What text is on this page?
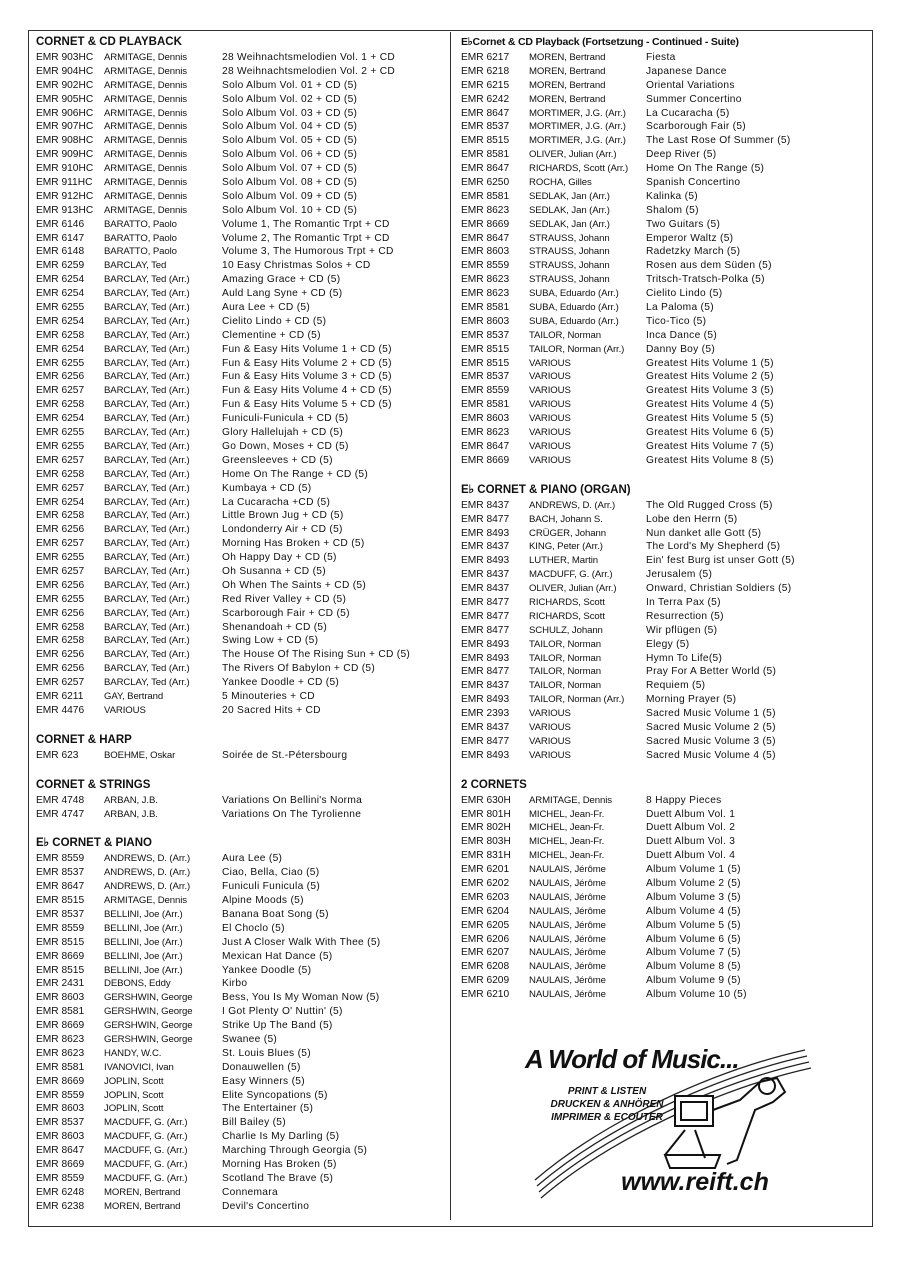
CORNET & CD PLAYBACK
EMR 903HC	ARMITAGE, Dennis	28 Weihnachtsmelodien Vol. 1 + CD
EMR 904HC	ARMITAGE, Dennis	28 Weihnachtsmelodien Vol. 2 + CD
EMR 902HC	ARMITAGE, Dennis	Solo Album Vol. 01 + CD (5)
EMR 905HC	ARMITAGE, Dennis	Solo Album Vol. 02 + CD (5)
EMR 906HC	ARMITAGE, Dennis	Solo Album Vol. 03 + CD (5)
EMR 907HC	ARMITAGE, Dennis	Solo Album Vol. 04 + CD (5)
EMR 908HC	ARMITAGE, Dennis	Solo Album Vol. 05 + CD (5)
EMR 909HC	ARMITAGE, Dennis	Solo Album Vol. 06 + CD (5)
EMR 910HC	ARMITAGE, Dennis	Solo Album Vol. 07 + CD (5)
EMR 911HC	ARMITAGE, Dennis	Solo Album Vol. 08 + CD (5)
EMR 912HC	ARMITAGE, Dennis	Solo Album Vol. 09 + CD (5)
EMR 913HC	ARMITAGE, Dennis	Solo Album Vol. 10 + CD (5)
EMR 6146	BARATTO, Paolo	Volume 1, The Romantic Trpt + CD
EMR 6147	BARATTO, Paolo	Volume 2, The Romantic Trpt + CD
EMR 6148	BARATTO, Paolo	Volume 3, The Humorous Trpt + CD
EMR 6259	BARCLAY, Ted	10 Easy Christmas Solos + CD
EMR 6254	BARCLAY, Ted (Arr.)	Amazing Grace + CD (5)
EMR 6254	BARCLAY, Ted (Arr.)	Auld Lang Syne + CD (5)
EMR 6255	BARCLAY, Ted (Arr.)	Aura Lee + CD (5)
EMR 6254	BARCLAY, Ted (Arr.)	Cielito Lindo + CD (5)
EMR 6258	BARCLAY, Ted (Arr.)	Clementine + CD (5)
EMR 6254	BARCLAY, Ted (Arr.)	Fun & Easy Hits Volume 1 + CD (5)
EMR 6255	BARCLAY, Ted (Arr.)	Fun & Easy Hits Volume 2 + CD (5)
EMR 6256	BARCLAY, Ted (Arr.)	Fun & Easy Hits Volume 3 + CD (5)
EMR 6257	BARCLAY, Ted (Arr.)	Fun & Easy Hits Volume 4 + CD (5)
EMR 6258	BARCLAY, Ted (Arr.)	Fun & Easy Hits Volume 5 + CD (5)
EMR 6254	BARCLAY, Ted (Arr.)	Funiculi-Funicula + CD (5)
EMR 6255	BARCLAY, Ted (Arr.)	Glory Hallelujah + CD (5)
EMR 6255	BARCLAY, Ted (Arr.)	Go Down, Moses + CD (5)
EMR 6257	BARCLAY, Ted (Arr.)	Greensleeves + CD (5)
EMR 6258	BARCLAY, Ted (Arr.)	Home On The Range + CD (5)
EMR 6257	BARCLAY, Ted (Arr.)	Kumbaya + CD (5)
EMR 6254	BARCLAY, Ted (Arr.)	La Cucaracha +CD (5)
EMR 6258	BARCLAY, Ted (Arr.)	Little Brown Jug + CD (5)
EMR 6256	BARCLAY, Ted (Arr.)	Londonderry Air + CD (5)
EMR 6257	BARCLAY, Ted (Arr.)	Morning Has Broken + CD (5)
EMR 6255	BARCLAY, Ted (Arr.)	Oh Happy Day + CD (5)
EMR 6257	BARCLAY, Ted (Arr.)	Oh Susanna + CD (5)
EMR 6256	BARCLAY, Ted (Arr.)	Oh When The Saints + CD (5)
EMR 6255	BARCLAY, Ted (Arr.)	Red River Valley + CD (5)
EMR 6256	BARCLAY, Ted (Arr.)	Scarborough Fair + CD (5)
EMR 6258	BARCLAY, Ted (Arr.)	Shenandoah + CD (5)
EMR 6258	BARCLAY, Ted (Arr.)	Swing Low + CD (5)
EMR 6256	BARCLAY, Ted (Arr.)	The House Of The Rising Sun + CD (5)
EMR 6256	BARCLAY, Ted (Arr.)	The Rivers Of Babylon + CD (5)
EMR 6257	BARCLAY, Ted (Arr.)	Yankee Doodle + CD (5)
EMR 6211	GAY, Bertrand	5 Minouteries + CD
EMR 4476	VARIOUS	20 Sacred Hits + CD
CORNET & HARP
EMR 623	BOEHME, Oskar	Soirée de St.-Pétersbourg
CORNET & STRINGS
EMR 4748	ARBAN, J.B.	Variations On Bellini's Norma
EMR 4747	ARBAN, J.B.	Variations On The Tyrolienne
E♭ CORNET & PIANO
EMR 8559	ANDREWS, D. (Arr.)	Aura Lee (5)
EMR 8537	ANDREWS, D. (Arr.)	Ciao, Bella, Ciao (5)
EMR 8647	ANDREWS, D. (Arr.)	Funiculi Funicula (5)
EMR 8515	ARMITAGE, Dennis	Alpine Moods (5)
EMR 8537	BELLINI, Joe (Arr.)	Banana Boat Song (5)
EMR 8559	BELLINI, Joe (Arr.)	El Choclo (5)
EMR 8515	BELLINI, Joe (Arr.)	Just A Closer Walk With Thee (5)
EMR 8669	BELLINI, Joe (Arr.)	Mexican Hat Dance (5)
EMR 8515	BELLINI, Joe (Arr.)	Yankee Doodle (5)
EMR 2431	DEBONS, Eddy	Kirbo
EMR 8603	GERSHWIN, George	Bess, You Is My Woman Now (5)
EMR 8581	GERSHWIN, George	I Got Plenty O' Nuttin' (5)
EMR 8669	GERSHWIN, George	Strike Up The Band (5)
EMR 8623	GERSHWIN, George	Swanee (5)
EMR 8623	HANDY, W.C.	St. Louis Blues (5)
EMR 8581	IVANOVICI, Ivan	Donauwellen (5)
EMR 8669	JOPLIN, Scott	Easy Winners (5)
EMR 8559	JOPLIN, Scott	Elite Syncopations (5)
EMR 8603	JOPLIN, Scott	The Entertainer (5)
EMR 8537	MACDUFF, G. (Arr.)	Bill Bailey (5)
EMR 8603	MACDUFF, G. (Arr.)	Charlie Is My Darling (5)
EMR 8647	MACDUFF, G. (Arr.)	Marching Through Georgia (5)
EMR 8669	MACDUFF, G. (Arr.)	Morning Has Broken (5)
EMR 8559	MACDUFF, G. (Arr.)	Scotland The Brave (5)
EMR 6248	MOREN, Bertrand	Connemara
EMR 6238	MOREN, Bertrand	Devil's Concertino
E♭Cornet & CD Playback (Fortsetzung - Continued - Suite)
EMR 6217	MOREN, Bertrand	Fiesta
EMR 6218	MOREN, Bertrand	Japanese Dance
EMR 6215	MOREN, Bertrand	Oriental Variations
EMR 6242	MOREN, Bertrand	Summer Concertino
EMR 8647	MORTIMER, J.G. (Arr.)	La Cucaracha (5)
EMR 8537	MORTIMER, J.G. (Arr.)	Scarborough Fair (5)
EMR 8515	MORTIMER, J.G. (Arr.)	The Last Rose Of Summer (5)
EMR 8581	OLIVER, Julian (Arr.)	Deep River (5)
EMR 8647	RICHARDS, Scott (Arr.)	Home On The Range (5)
EMR 6250	ROCHA, Gilles	Spanish Concertino
EMR 8581	SEDLAK, Jan (Arr.)	Kalinka (5)
EMR 8623	SEDLAK, Jan (Arr.)	Shalom (5)
EMR 8669	SEDLAK, Jan (Arr.)	Two Guitars (5)
EMR 8647	STRAUSS, Johann	Emperor Waltz (5)
EMR 8603	STRAUSS, Johann	Radetzky March (5)
EMR 8559	STRAUSS, Johann	Rosen aus dem Süden (5)
EMR 8623	STRAUSS, Johann	Tritsch-Tratsch-Polka (5)
EMR 8623	SUBA, Eduardo (Arr.)	Cielito Lindo (5)
EMR 8581	SUBA, Eduardo (Arr.)	La Paloma (5)
EMR 8603	SUBA, Eduardo (Arr.)	Tico-Tico (5)
EMR 8537	TAILOR, Norman	Inca Dance (5)
EMR 8515	TAILOR, Norman (Arr.)	Danny Boy (5)
EMR 8515	VARIOUS	Greatest Hits Volume 1 (5)
EMR 8537	VARIOUS	Greatest Hits Volume 2 (5)
EMR 8559	VARIOUS	Greatest Hits Volume 3 (5)
EMR 8581	VARIOUS	Greatest Hits Volume 4 (5)
EMR 8603	VARIOUS	Greatest Hits Volume 5 (5)
EMR 8623	VARIOUS	Greatest Hits Volume 6 (5)
EMR 8647	VARIOUS	Greatest Hits Volume 7 (5)
EMR 8669	VARIOUS	Greatest Hits Volume 8 (5)
E♭ CORNET & PIANO (ORGAN)
EMR 8437	ANDREWS, D. (Arr.)	The Old Rugged Cross (5)
EMR 8477	BACH, Johann S.	Lobe den Herrn (5)
EMR 8493	CRÜGER, Johann	Nun danket alle Gott (5)
EMR 8437	KING, Peter (Arr.)	The Lord's My Shepherd (5)
EMR 8493	LUTHER, Martin	Ein' fest Burg ist unser Gott (5)
EMR 8437	MACDUFF, G. (Arr.)	Jerusalem (5)
EMR 8437	OLIVER, Julian (Arr.)	Onward, Christian Soldiers (5)
EMR 8477	RICHARDS, Scott	In Terra Pax (5)
EMR 8477	RICHARDS, Scott	Resurrection (5)
EMR 8477	SCHULZ, Johann	Wir pflügen (5)
EMR 8493	TAILOR, Norman	Elegy (5)
EMR 8493	TAILOR, Norman	Hymn To Life(5)
EMR 8477	TAILOR, Norman	Pray For A Better World (5)
EMR 8437	TAILOR, Norman	Requiem (5)
EMR 8493	TAILOR, Norman (Arr.)	Morning Prayer (5)
EMR 2393	VARIOUS	Sacred Music Volume 1 (5)
EMR 8437	VARIOUS	Sacred Music Volume 2 (5)
EMR 8477	VARIOUS	Sacred Music Volume 3 (5)
EMR 8493	VARIOUS	Sacred Music Volume 4 (5)
2 CORNETS
EMR 630H	ARMITAGE, Dennis	8 Happy Pieces
EMR 801H	MICHEL, Jean-Fr.	Duett Album Vol. 1
EMR 802H	MICHEL, Jean-Fr.	Duett Album Vol. 2
EMR 803H	MICHEL, Jean-Fr.	Duett Album Vol. 3
EMR 831H	MICHEL, Jean-Fr.	Duett Album Vol. 4
EMR 6201	NAULAIS, Jérôme	Album Volume 1 (5)
EMR 6202	NAULAIS, Jérôme	Album Volume 2 (5)
EMR 6203	NAULAIS, Jérôme	Album Volume 3 (5)
EMR 6204	NAULAIS, Jérôme	Album Volume 4 (5)
EMR 6205	NAULAIS, Jérôme	Album Volume 5 (5)
EMR 6206	NAULAIS, Jérôme	Album Volume 6 (5)
EMR 6207	NAULAIS, Jérôme	Album Volume 7 (5)
EMR 6208	NAULAIS, Jérôme	Album Volume 8 (5)
EMR 6209	NAULAIS, Jérôme	Album Volume 9 (5)
EMR 6210	NAULAIS, Jérôme	Album Volume 10 (5)
A World of Music...
PRINT & LISTEN
DRUCKEN & ANHÖREN
IMPRIMER & ECOUTER
www.reift.ch
